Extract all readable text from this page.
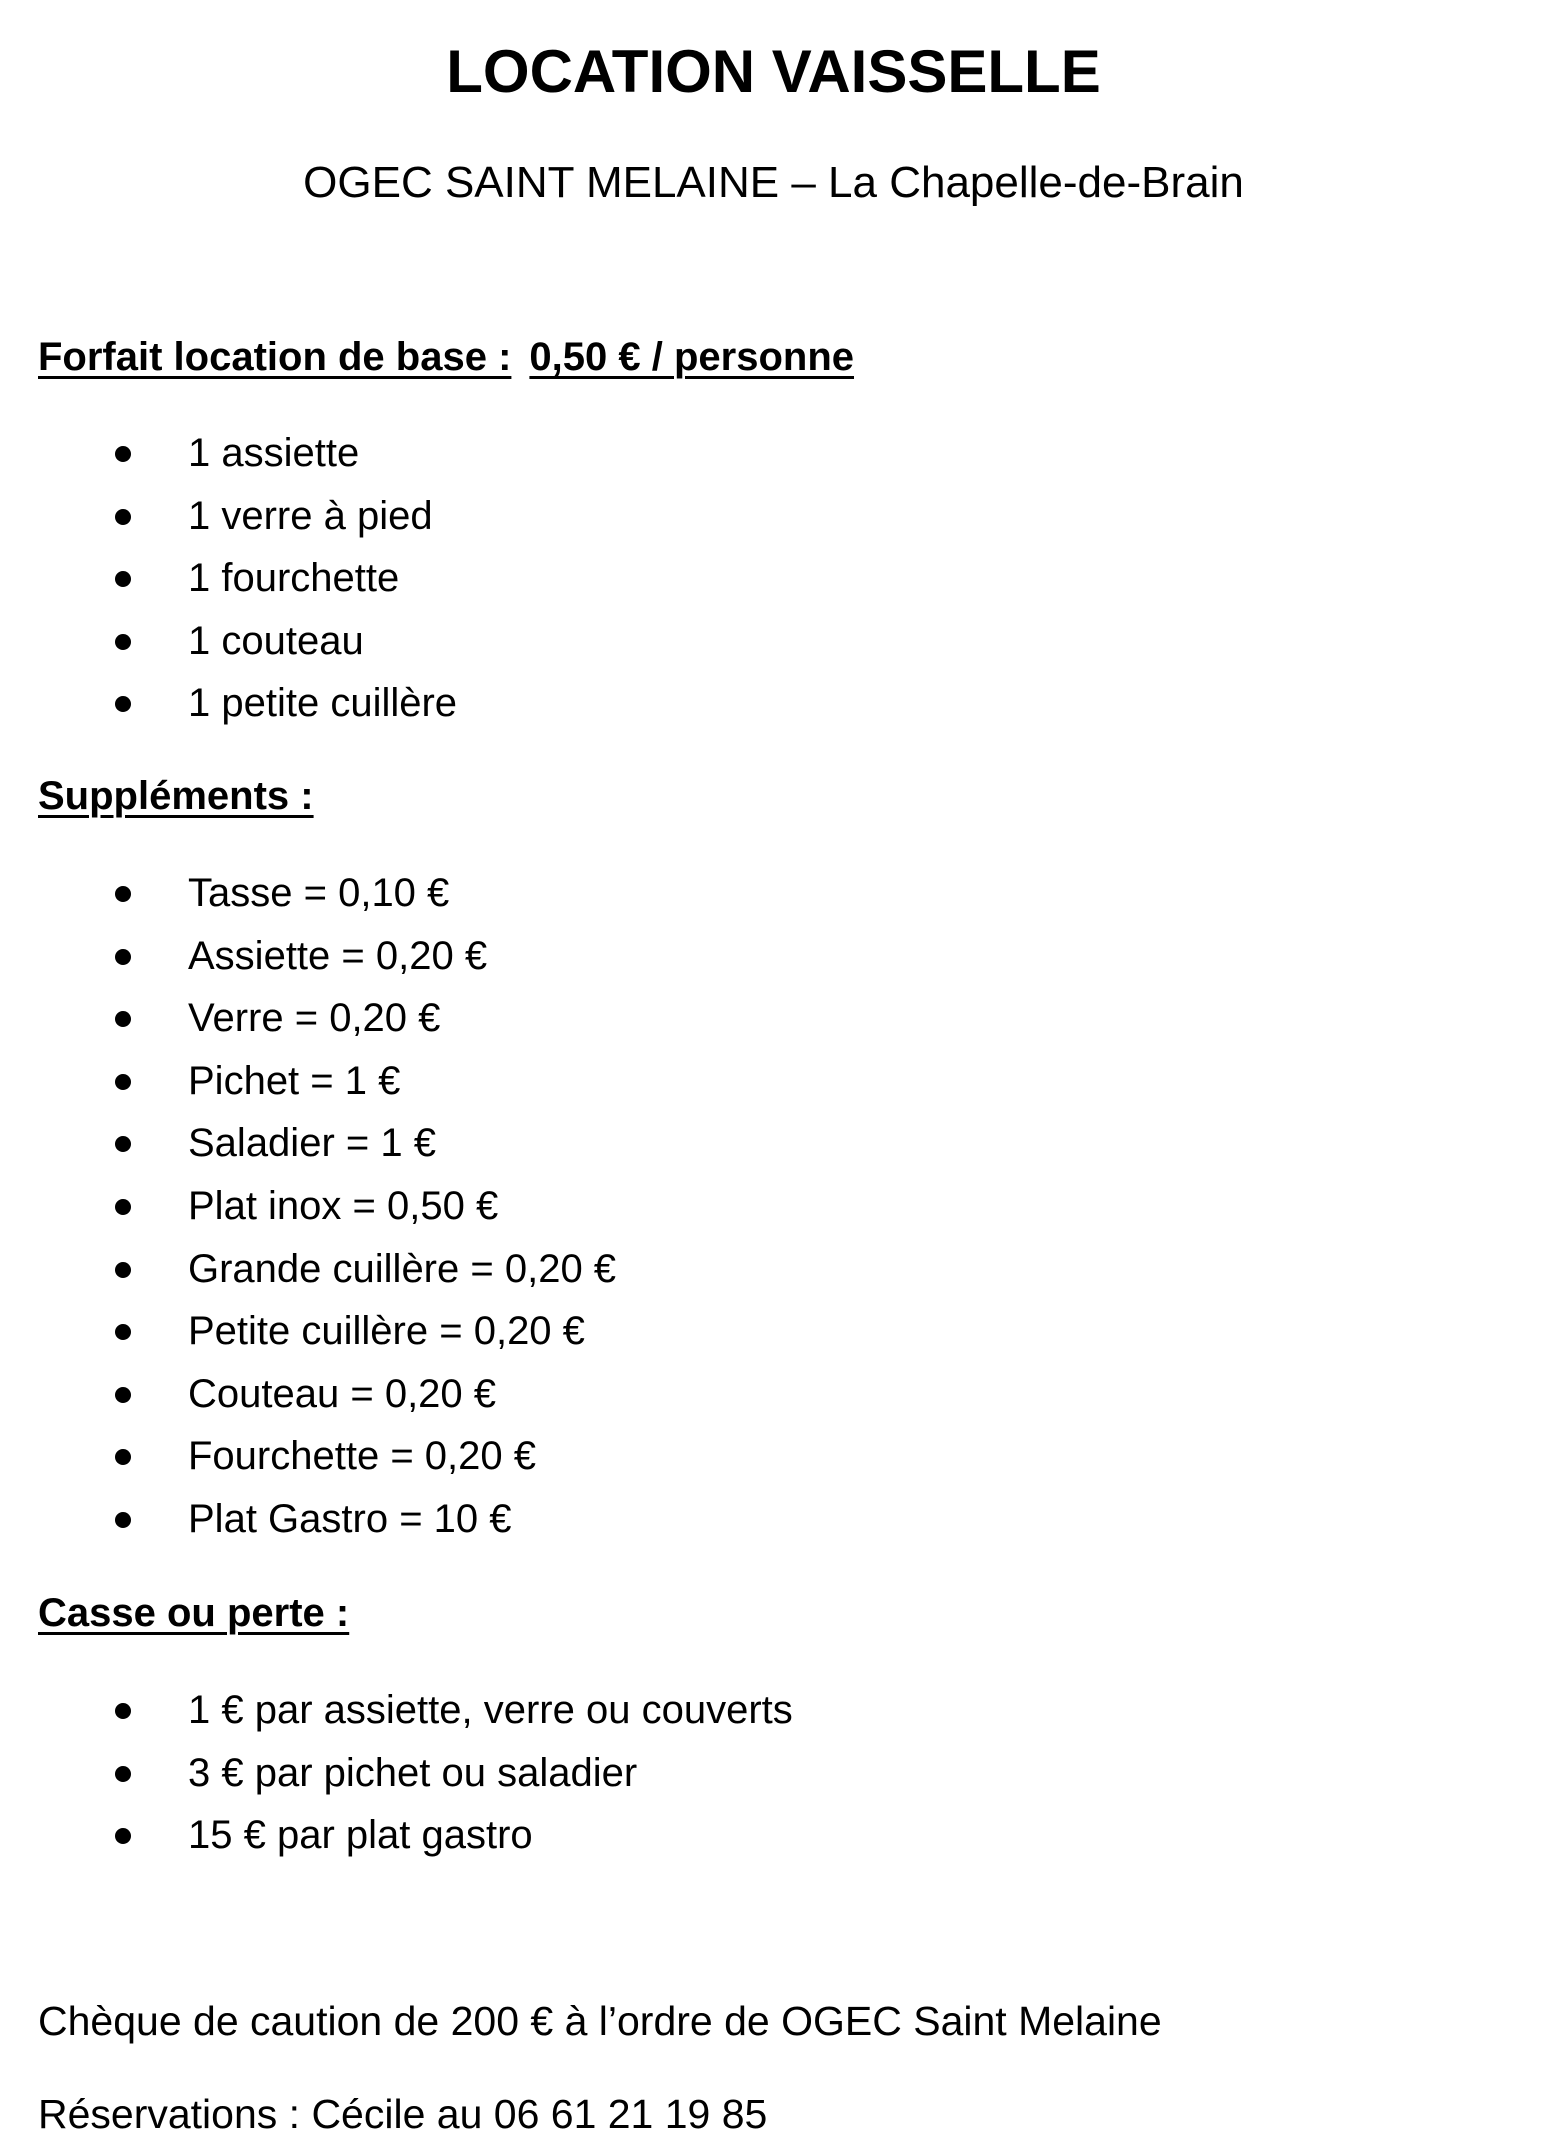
LOCATION VAISSELLE

OGEC SAINT MELAINE – La Chapelle-de-Brain

Forfait location de base : 0,50 € / personne

1 assiette
1 verre à pied
1 fourchette
1 couteau
1 petite cuillère

Suppléments :

Tasse = 0,10 €
Assiette = 0,20 €
Verre = 0,20 €
Pichet = 1 €
Saladier = 1 €
Plat inox = 0,50 €
Grande cuillère = 0,20 €
Petite cuillère = 0,20 €
Couteau = 0,20 €
Fourchette = 0,20 €
Plat Gastro = 10 €

Casse ou perte :

1 € par assiette, verre ou couverts
3 € par pichet ou saladier
15 € par plat gastro

Chèque de caution de 200 € à l’ordre de OGEC Saint Melaine

Réservations : Cécile au 06 61 21 19 85
